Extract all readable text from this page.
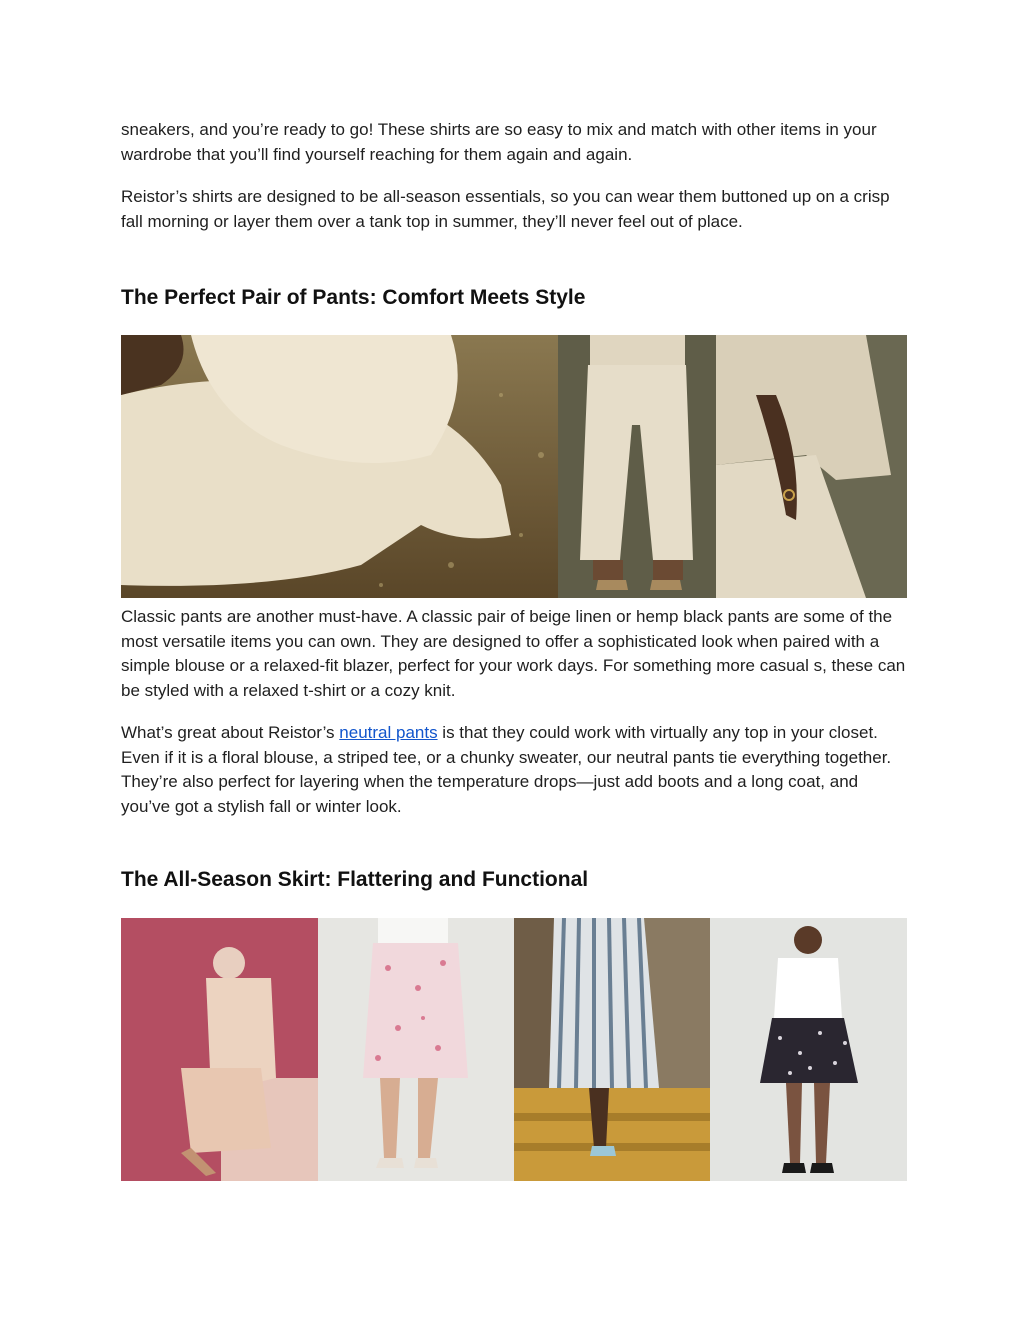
sneakers, and you’re ready to go! These shirts are so easy to mix and match with other items in your wardrobe that you’ll find yourself reaching for them again and again.

Reistor’s shirts are designed to be all-season essentials, so you can wear them buttoned up on a crisp fall morning or layer them over a tank top in summer, they’ll never feel out of place.

The Perfect Pair of Pants: Comfort Meets Style

Classic pants are another must-have. A classic pair of beige linen or hemp black pants are some of the most versatile items you can own. They are designed to offer a sophisticated look when paired with a simple blouse or a relaxed-fit blazer, perfect for your work days. For something more casual s, these can be styled with a relaxed t-shirt or a cozy knit.

What’s great about Reistor’s neutral pants is that they could work with virtually any top in your closet. Even if it is a floral blouse, a striped tee, or a chunky sweater, our neutral pants tie everything together. They’re also perfect for layering when the temperature drops—just add boots and a long coat, and you’ve got a stylish fall or winter look.

The All-Season Skirt: Flattering and Functional
